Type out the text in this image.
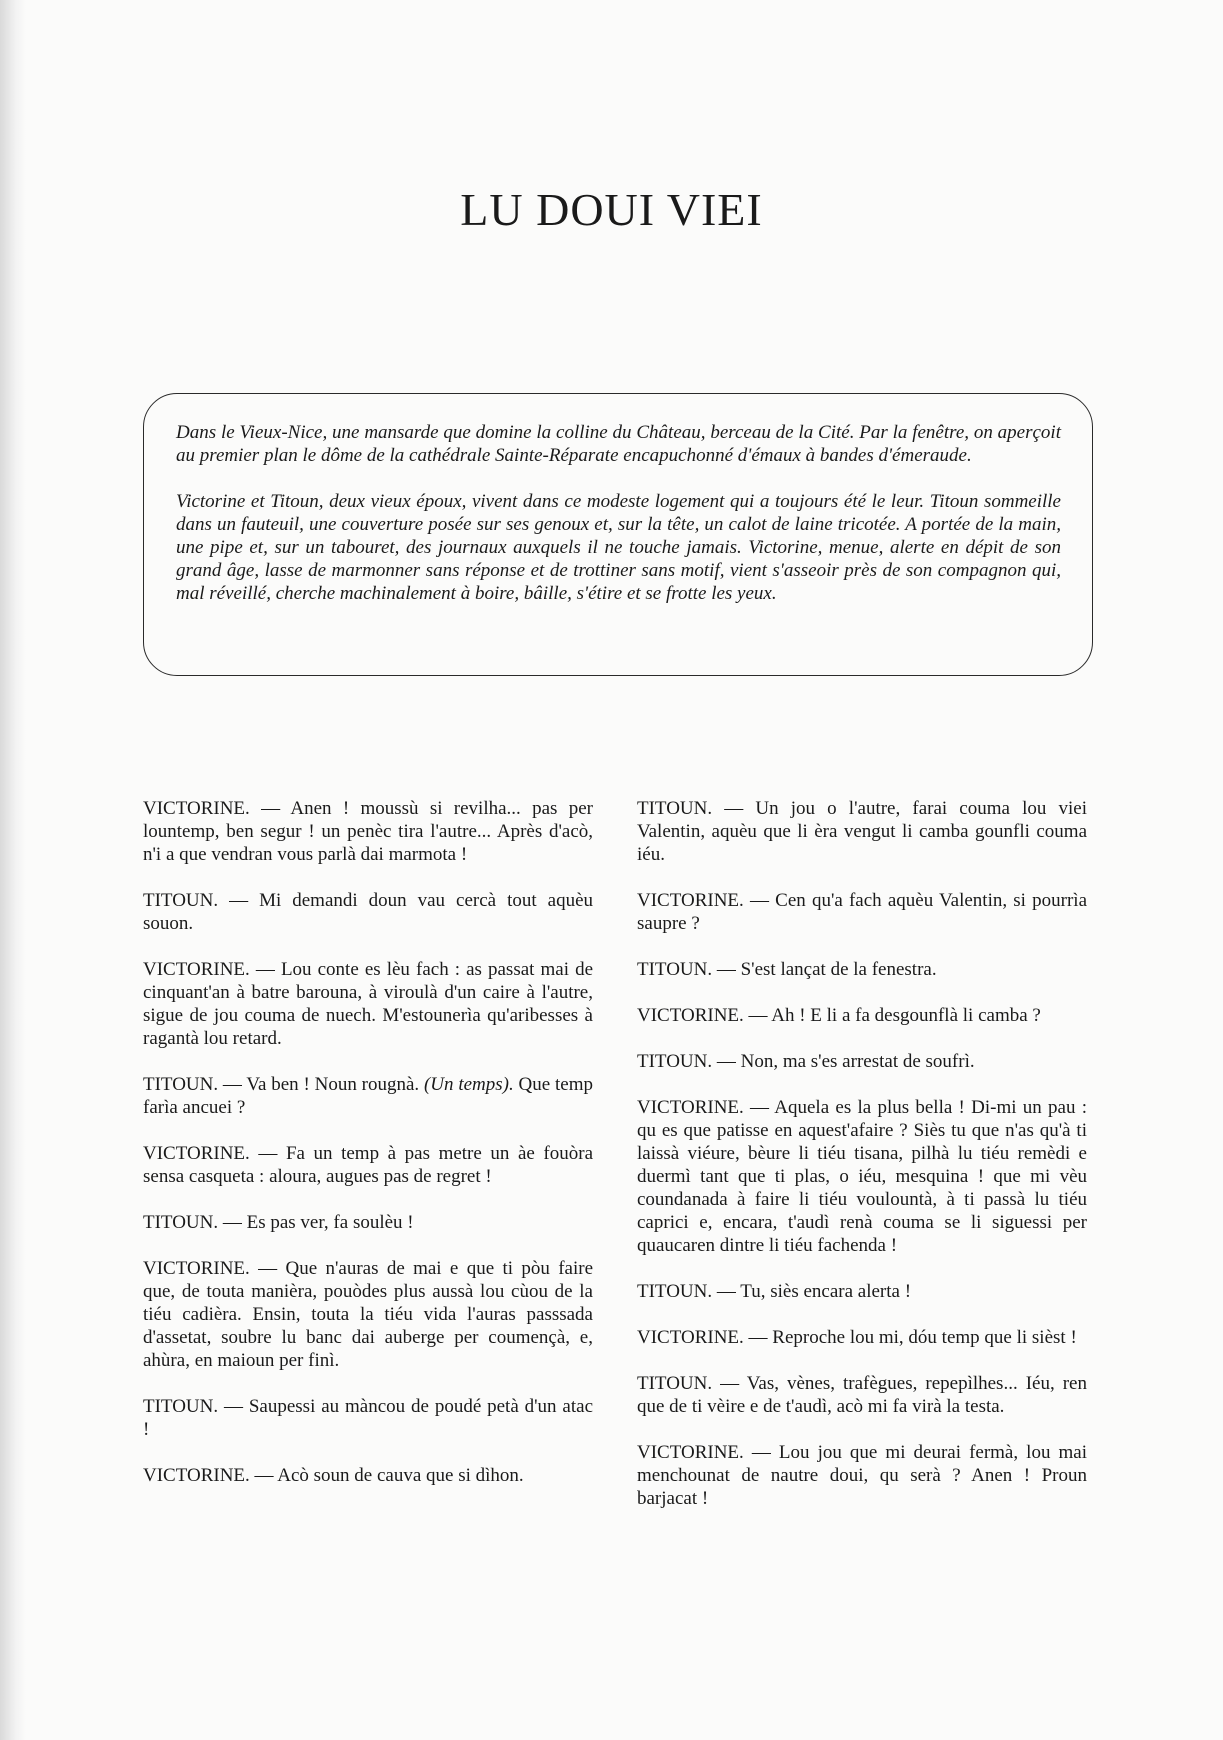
LU DOUI VIEI

Dans le Vieux-Nice, une mansarde que domine la colline du Château, berceau de la Cité. Par la fenêtre, on aperçoit au premier plan le dôme de la cathédrale Sainte-Réparate encapuchonné d'émaux à bandes d'émeraude.

Victorine et Titoun, deux vieux époux, vivent dans ce modeste logement qui a toujours été le leur. Titoun sommeille dans un fauteuil, une couverture posée sur ses genoux et, sur la tête, un calot de laine tricotée. A portée de la main, une pipe et, sur un tabouret, des journaux auxquels il ne touche jamais. Victorine, menue, alerte en dépit de son grand âge, lasse de marmonner sans réponse et de trottiner sans motif, vient s'asseoir près de son compagnon qui, mal réveillé, cherche machinalement à boire, bâille, s'étire et se frotte les yeux.

VICTORINE. — Anen ! moussù si revilha... pas per lountemp, ben segur ! un penèc tira l'autre... Après d'acò, n'i a que vendran vous parlà dai marmota !

TITOUN. — Mi demandi doun vau cercà tout aquèu souon.

VICTORINE. — Lou conte es lèu fach : as passat mai de cinquant'an à batre barouna, à viroulà d'un caire à l'autre, sigue de jou couma de nuech. M'estounerìa qu'aribesses à ragantà lou retard.

TITOUN. — Va ben ! Noun rougnà. (Un temps). Que temp farìa ancuei ?

VICTORINE. — Fa un temp à pas metre un àe fouòra sensa casqueta : aloura, augues pas de regret !

TITOUN. — Es pas ver, fa soulèu !

VICTORINE. — Que n'auras de mai e que ti pòu faire que, de touta manièra, pouòdes plus aussà lou cùou de la tiéu cadièra. Ensin, touta la tiéu vida l'auras passsada d'assetat, soubre lu banc dai auberge per coumençà, e, ahùra, en maioun per finì.

TITOUN. — Saupessi au màncou de poudé petà d'un atac !

VICTORINE. — Acò soun de cauva que si dìhon.

TITOUN. — Un jou o l'autre, farai couma lou viei Valentin, aquèu que li èra vengut li camba gounfli couma iéu.

VICTORINE. — Cen qu'a fach aquèu Valentin, si pourrìa saupre ?

TITOUN. — S'est lançat de la fenestra.

VICTORINE. — Ah ! E li a fa desgounflà li camba ?

TITOUN. — Non, ma s'es arrestat de soufrì.

VICTORINE. — Aquela es la plus bella ! Di-mi un pau : qu es que patisse en aquest'afaire ? Siès tu que n'as qu'à ti laissà viéure, bèure li tiéu tisana, pilhà lu tiéu remèdi e duermì tant que ti plas, o iéu, mesquina ! que mi vèu coundanada à faire li tiéu voulountà, à ti passà lu tiéu caprici e, encara, t'audì renà couma se li siguessi per quaucaren dintre li tiéu fachenda !

TITOUN. — Tu, siès encara alerta !

VICTORINE. — Reproche lou mi, dóu temp que li sièst !

TITOUN. — Vas, vènes, trafègues, repepìlhes... Iéu, ren que de ti vèire e de t'audì, acò mi fa virà la testa.

VICTORINE. — Lou jou que mi deurai fermà, lou mai menchounat de nautre doui, qu serà ? Anen ! Proun barjacat !
